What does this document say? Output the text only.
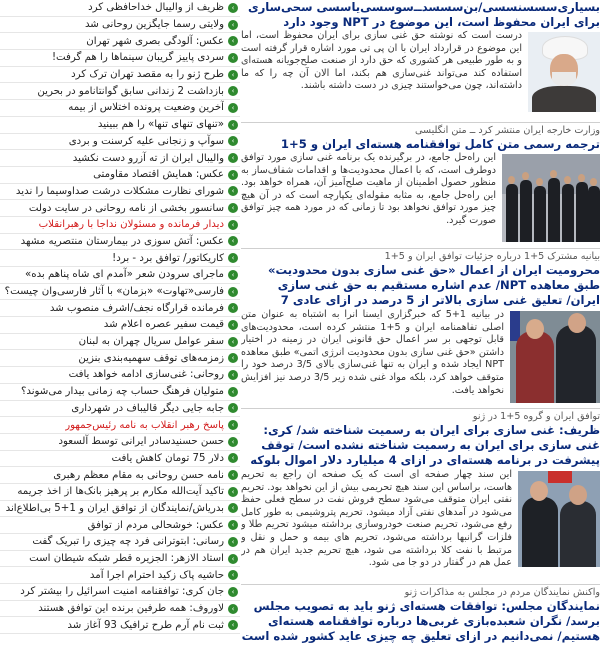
›
ظریف از والیبال خداحافظی کرد
›
ولایتی رسما جایگزین روحانی شد
›
عکس: آلودگی بصری شهر تهران
›
سردی پاییز گریبان سینماها را هم گرفت!
›
طرح ژنو را به مقصد تهران ترک کرد
›
بازداشت 2 زندانی سابق گوانتانامو در بحرین
›
آخرین وضعیت پرونده اختلاس از بیمه
›
«تنهای تنهای تنها» را هم ببینید
›
سوآپ و زنجانی علیه کرسنت و بردی
›
والیبال ایران از ته آزرو دست نکشید
›
عکس: همایش اقتصاد مقاومتی
›
شورای نظارت مشکلات درشت صداوسیما را ندید
›
سانسور بخشی از نامه روحانی در سایت دولت
›
دیدار فرمانده و مسئولان نداجا با رهبرانقلاب
›
عکس: آتش سوزی در بیمارستان منتصریه مشهد
›
کاریکاتور/ توافق برد - برد!
›
ماجرای سرودن شعر «آمدم ای شاه پناهم بده»
›
فارسی«تهاوت» «بزمان» با آثار فارسی‌وان چیست؟
›
فرمانده قرارگاه نجف/اشرف منصوب شد
›
قیمت سفیر عصره اعلام شد
›
سفر عوامل سریال چهران به لبنان
›
زمزمه‌های توقف سهمیه‌بندی بنزین
›
روحانی: غنی‌سازی ادامه خواهد یافت
›
متولیان فرهنگ حساب چه زمانی بیدار می‌شوند؟
›
جابه جایی دیگر قالیباف در شهرداری
›
پاسخ رهبر انقلاب به نامه رئیس‌جمهور
›
حسن حسنیدسادر ایرانی توسط آلسعود
›
دلار 75 تومان کاهش یافت
›
نامه حسن روحانی به مقام معظم رهبری
›
تاکید آیت‌الله مکارم بر پرهیز بانک‌ها از اخذ جریمه
›
بدریاش/نمایندگان از توافق ایران و 1+5 بی‌اطلاع‌اند
›
عکس: خوشحالی مردم از توافق
›
رسانی: ابتوترانی فرد چه چیزی را تبریک گفت
›
استاد الازهر: الجزیره قطر شبکه شیطان است
›
حاشیه پاک زکید احترام اجرا آمد
›
جان کری: توافقنامه امنیت اسرائیل را بیشتر کرد
›
لاوروف: همه طرفین برنده این توافق هستند
›
ثبت نام آرم طرح ترافیک 93 آغاز شد
بسیاری‌سسسنسسی/بن‌سسسد‌ــ‌سوسسی‌یاسسی سحی‌ساری برای ایران محفوظ است، این موضوع در NPT وجود دارد

درست است که نوشته حق غنی سازی برای ایران محفوظ است، اما این موضوع در قرارداد ایران با ان پی تی مورد اشاره قرار گرفته است و به طور طبیعی هر کشوری که حق دارد از صنعت صلح‌جویانه هسته‌ای استفاده کند می‌تواند غنی‌سازی هم بکند، اما الان آن چه را که ما داشته‌اند، چون می‌خواستند چیزی در دست داشته باشند.

وزارت خارجه ایران منتشر کرد ــ متن انگلیسی
ترجمه رسمی متن کامل توافقنامه هسته‌ای ایران و 5+1

این راه‌حل جامع، در برگیرنده یک برنامه غنی سازی مورد توافق دوطرف است، که با اعمال محدودیت‌ها و اقدامات شفاف‌ساز به منظور حصول اطمینان از ماهیت صلح‌آمیز آن، همراه خواهد بود. این راه‌حل جامع، به مثابه مقوله‌ای یکپارچه است که در آن هیچ چیز مورد توافق نخواهد بود تا زمانی که در مورد همه چیز توافق صورت گیرد.

بیانیه مشترک 5+1 درباره جزئیات توافق ایران و 5+1
محرومیت ایران از اعمال «حق غنی سازی بدون محدودیت» طبق معاهده NPT/ عدم اشاره مستقیم به حق غنی سازی ایران/ تعلیق غنی سازی بالاتر از 5 درصد در ازای عادی 7

در بیانیه 1+5 که خبرگزاری ایسنا آنرا به اشتباه به عنوان متن اصلی تفاهمنامه ایران و 5+1 منتشر کرده است، محدودیت‌های قابل توجهی بر سر اعمال حق قانونی ایران در زمینه در اختیار داشتن «حق غنی سازی بدون محدودیت انرژی اتمی» طبق معاهده NPT ایجاد شده و ایران به تنها غنی‌سازی بالای 3/5 درصد خود را متوقف خواهد کرد، بلکه مواد غنی شده زیر 3/5 درصد نیز افزایش نخواهد یافت.

توافق ایران و گروه 5+1 در ژنو
ظریف: غنی سازی برای ایران به رسمیت شناخته شد/ کری: غنی سازی برای ایران به رسمیت شناخته نشده است/ توقف پیشرفت در برنامه هسته‌ای در ازای 4 میلیارد دلار اموال بلوکه

این سند چهار صفحه ای است که یک صفحه آن راجع به تحریم هاست، براساس این سند هیچ تحریمی بیش از این نخواهد بود. تحریم نفتی ایران متوقف می‌شود سطح فروش نفت در سطح فعلی حفظ می‌شود در آمدهای نفتی آزاد میشود. تحریم پتروشیمی به طور کامل رفع می‌شود، تحریم صنعت خودروسازی برداشته میشود تحریم طلا و فلزات گرانبها برداشته می‌شود، تحریم های بیمه و حمل و نقل و مرتبط با نفت کلا برداشته می شود، هیچ تحریم جدید ایران هم در عمل هم در گفتار در دو جا می شود.

واکنش نمایندگان مردم در مجلس به مذاکرات ژنو
نمایندگان مجلس: توافقات هسته‌ای ژنو باید به تصویب مجلس برسد/ نگران شعبده‌بازی غربی‌ها درباره توافقنامه هسته‌ای هستیم/ نمی‌دانیم در ازای تعلیق چه چیزی عاید کشور شده است
